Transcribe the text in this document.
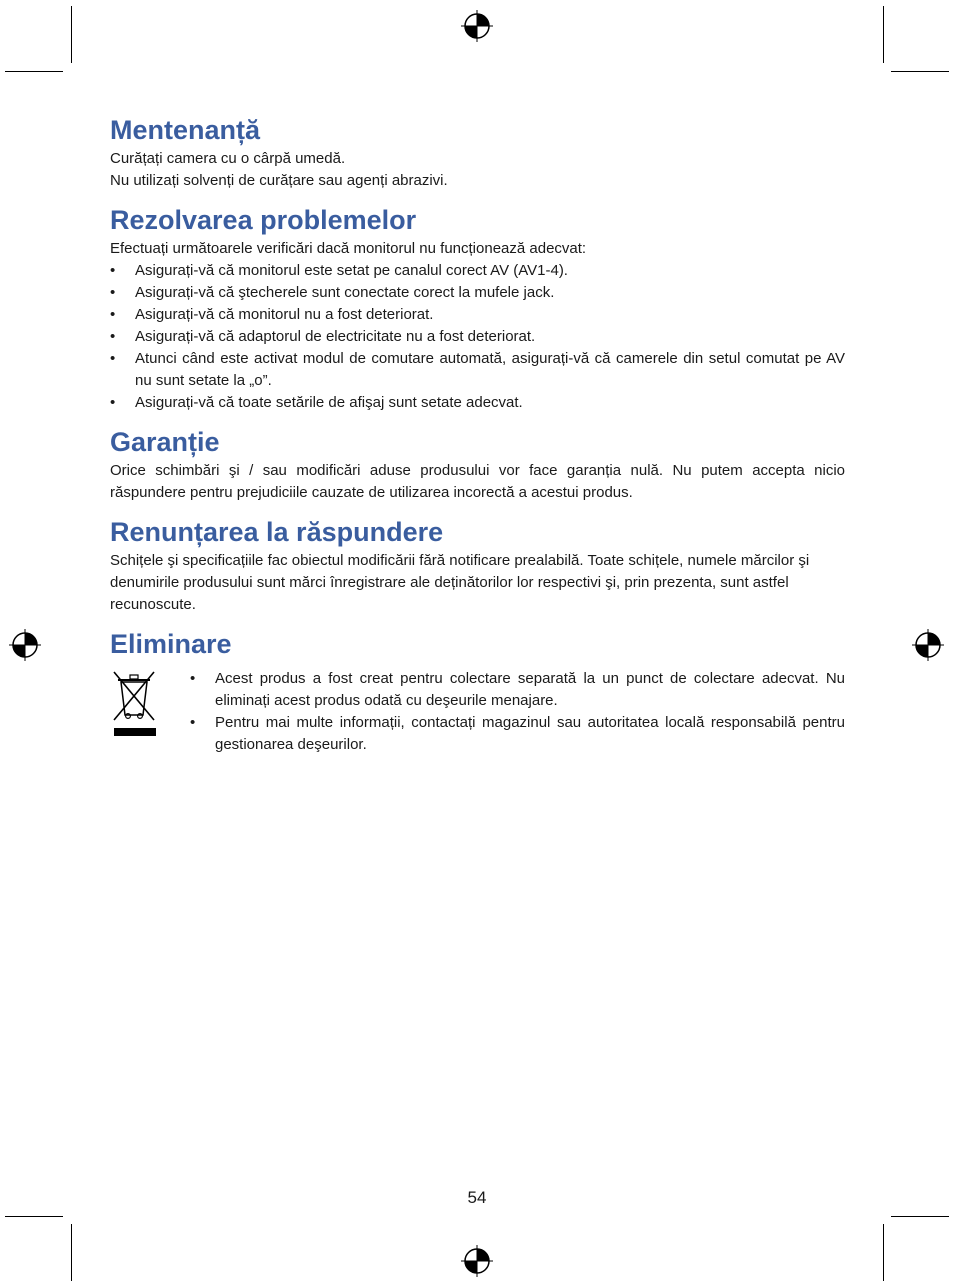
Mentenanță

Curățați camera cu o cârpă umedă.

Nu utilizați solvenți de curățare sau agenți abrazivi.

Rezolvarea problemelor

Efectuați următoarele verificări dacă monitorul nu funcționează adecvat:

• Asigurați-vă că monitorul este setat pe canalul corect AV (AV1-4).
• Asigurați-vă că ştecherele sunt conectate corect la mufele jack.
• Asigurați-vă că monitorul nu a fost deteriorat.
• Asigurați-vă că adaptorul de electricitate nu a fost deteriorat.
• Atunci când este activat modul de comutare automată, asigurați-vă că camerele din setul comutat pe AV nu sunt setate la „o”.
• Asigurați-vă că toate setările de afişaj sunt setate adecvat.
Garanție

Orice schimbări şi / sau modificări aduse produsului vor face garanția nulă. Nu putem accepta nicio răspundere pentru prejudiciile cauzate de utilizarea incorectă a acestui produs.

Renunțarea la răspundere

Schițele şi specificațiile fac obiectul modificării fără notificare prealabilă. Toate schițele, numele mărcilor şi denumirile produsului sunt mărci înregistrare ale deținătorilor lor respectivi şi, prin prezenta, sunt astfel recunoscute.

Eliminare
• Acest produs a fost creat pentru colectare separată la un punct de colectare adecvat. Nu eliminați acest produs odată cu deşeurile menajare.
• Pentru mai multe informații, contactați magazinul sau autoritatea locală responsabilă pentru gestionarea deşeurilor.
54
